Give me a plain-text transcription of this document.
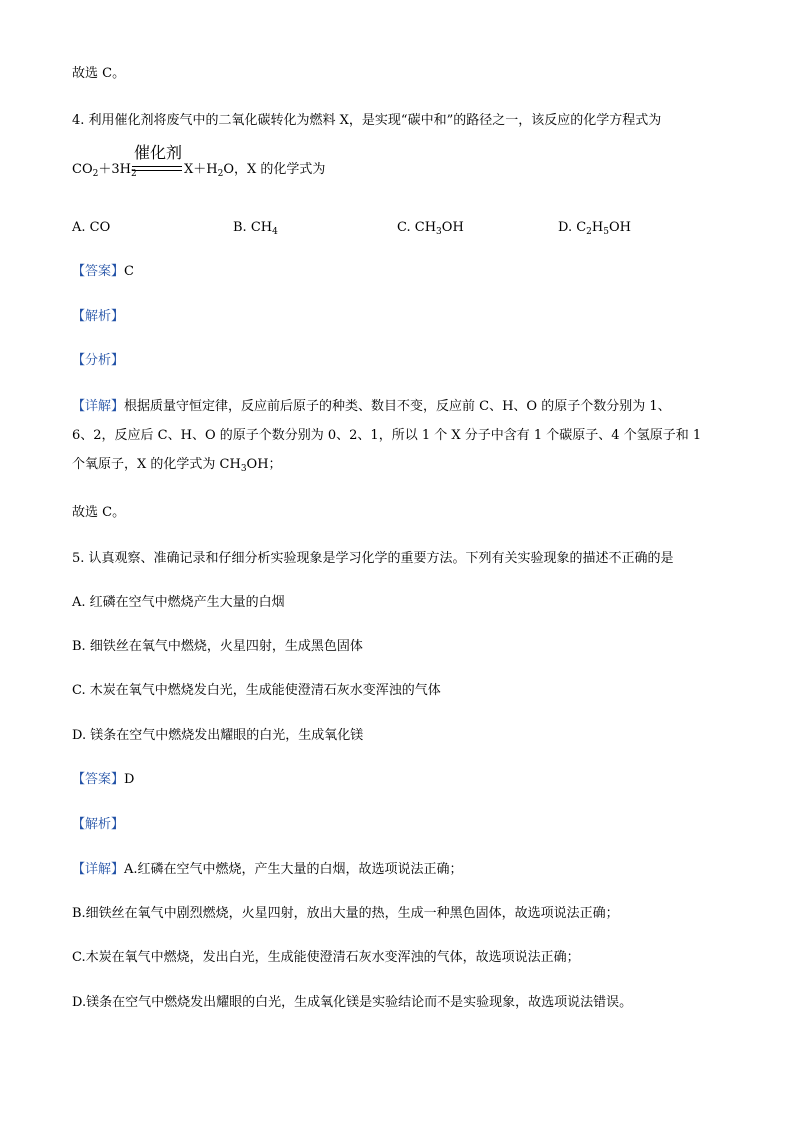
故选 C。
4. 利用催化剂将废气中的二氧化碳转化为燃料 X，是实现“碳中和”的路径之一，该反应的化学方程式为
$CO_2+3H_2$
催化剂
$X+H_2O$，X 的化学式为
A. CO	B. $CH_4$	C. $CH_3OH$	D. $C_2H_5OH$
【答案】C
【解析】
【分析】
【详解】根据质量守恒定律，反应前后原子的种类、数目不变，反应前 C、H、O 的原子个数分别为 1、
6、2，反应后 C、H、O 的原子个数分别为 0、2、1，所以 1 个 X 分子中含有 1 个碳原子、4 个氢原子和 1
个氧原子，X 的化学式为 $CH_3OH$；
故选 C。
5. 认真观察、准确记录和仔细分析实验现象是学习化学的重要方法。下列有关实验现象的描述不正确的是
A. 红磷在空气中燃烧产生大量的白烟
B. 细铁丝在氧气中燃烧，火星四射，生成黑色固体
C. 木炭在氧气中燃烧发白光，生成能使澄清石灰水变浑浊的气体
D. 镁条在空气中燃烧发出耀眼的白光，生成氧化镁
【答案】D
【解析】
【详解】A.红磷在空气中燃烧，产生大量的白烟，故选项说法正确；
B.细铁丝在氧气中剧烈燃烧，火星四射，放出大量的热，生成一种黑色固体，故选项说法正确；
C.木炭在氧气中燃烧，发出白光，生成能使澄清石灰水变浑浊的气体，故选项说法正确；
D.镁条在空气中燃烧发出耀眼的白光，生成氧化镁是实验结论而不是实验现象，故选项说法错误。
